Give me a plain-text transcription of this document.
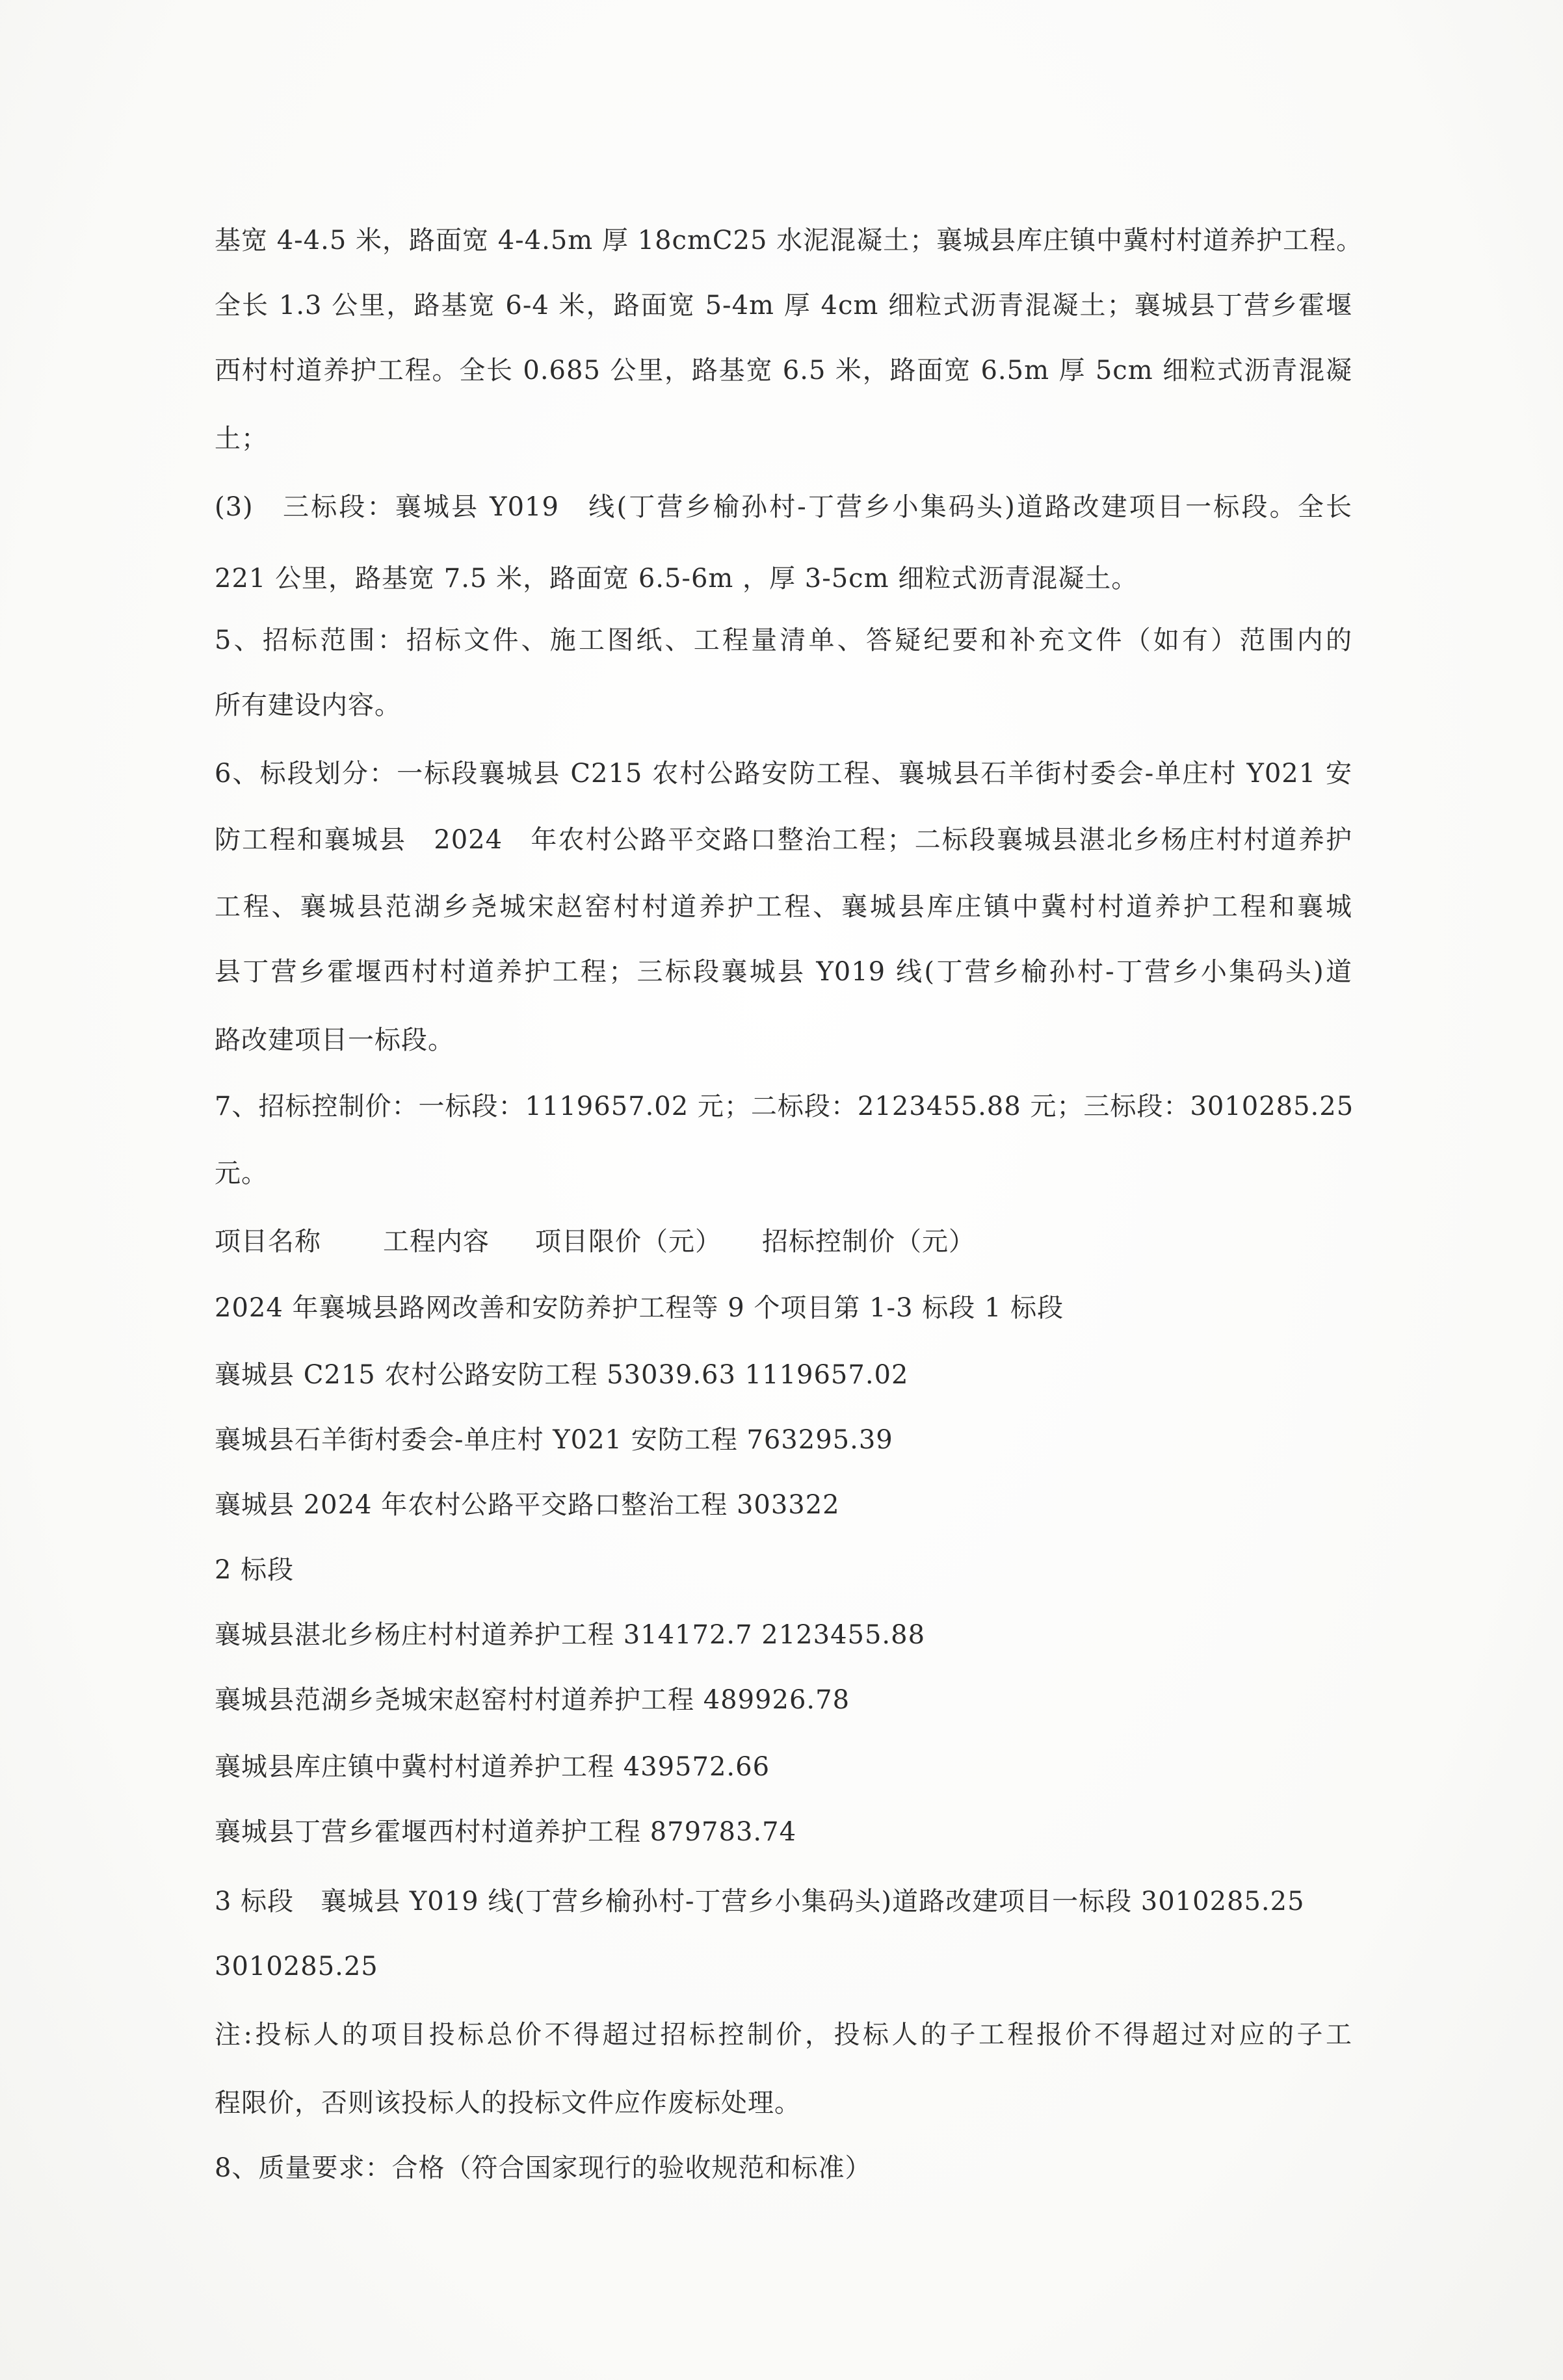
基宽 4-4.5 米，路面宽 4-4.5m 厚 18cmC25 水泥混凝土；襄城县库庄镇中冀村村道养护工程。
全长 1.3 公里，路基宽 6-4 米，路面宽 5-4m 厚 4cm 细粒式沥青混凝土；襄城县丁营乡霍堰
西村村道养护工程。全长 0.685 公里，路基宽 6.5 米，路面宽 6.5m 厚 5cm 细粒式沥青混凝
土；
(3)　三标段：襄城县 Y019　线(丁营乡榆孙村-丁营乡小集码头)道路改建项目一标段。全长
221 公里，路基宽 7.5 米，路面宽 6.5-6m ，厚 3-5cm 细粒式沥青混凝土。
5、招标范围：招标文件、施工图纸、工程量清单、答疑纪要和补充文件（如有）范围内的
所有建设内容。
6、标段划分：一标段襄城县 C215 农村公路安防工程、襄城县石羊街村委会-单庄村 Y021 安
防工程和襄城县　2024　年农村公路平交路口整治工程；二标段襄城县湛北乡杨庄村村道养护
工程、襄城县范湖乡尧城宋赵窑村村道养护工程、襄城县库庄镇中冀村村道养护工程和襄城
县丁营乡霍堰西村村道养护工程；三标段襄城县 Y019 线(丁营乡榆孙村-丁营乡小集码头)道
路改建项目一标段。
7、招标控制价：一标段：1119657.02 元；二标段：2123455.88 元；三标段：3010285.25
元。
项目名称 工程内容 项目限价（元） 招标控制价（元）
2024 年襄城县路网改善和安防养护工程等 9 个项目第 1-3 标段 1 标段
襄城县 C215 农村公路安防工程 53039.63 1119657.02
襄城县石羊街村委会-单庄村 Y021 安防工程 763295.39
襄城县 2024 年农村公路平交路口整治工程 303322
2 标段
襄城县湛北乡杨庄村村道养护工程 314172.7 2123455.88
襄城县范湖乡尧城宋赵窑村村道养护工程 489926.78
襄城县库庄镇中冀村村道养护工程 439572.66
襄城县丁营乡霍堰西村村道养护工程 879783.74
3 标段　襄城县 Y019 线(丁营乡榆孙村-丁营乡小集码头)道路改建项目一标段 3010285.25
3010285.25
注:投标人的项目投标总价不得超过招标控制价，投标人的子工程报价不得超过对应的子工
程限价，否则该投标人的投标文件应作废标处理。
8、质量要求：合格（符合国家现行的验收规范和标准）
